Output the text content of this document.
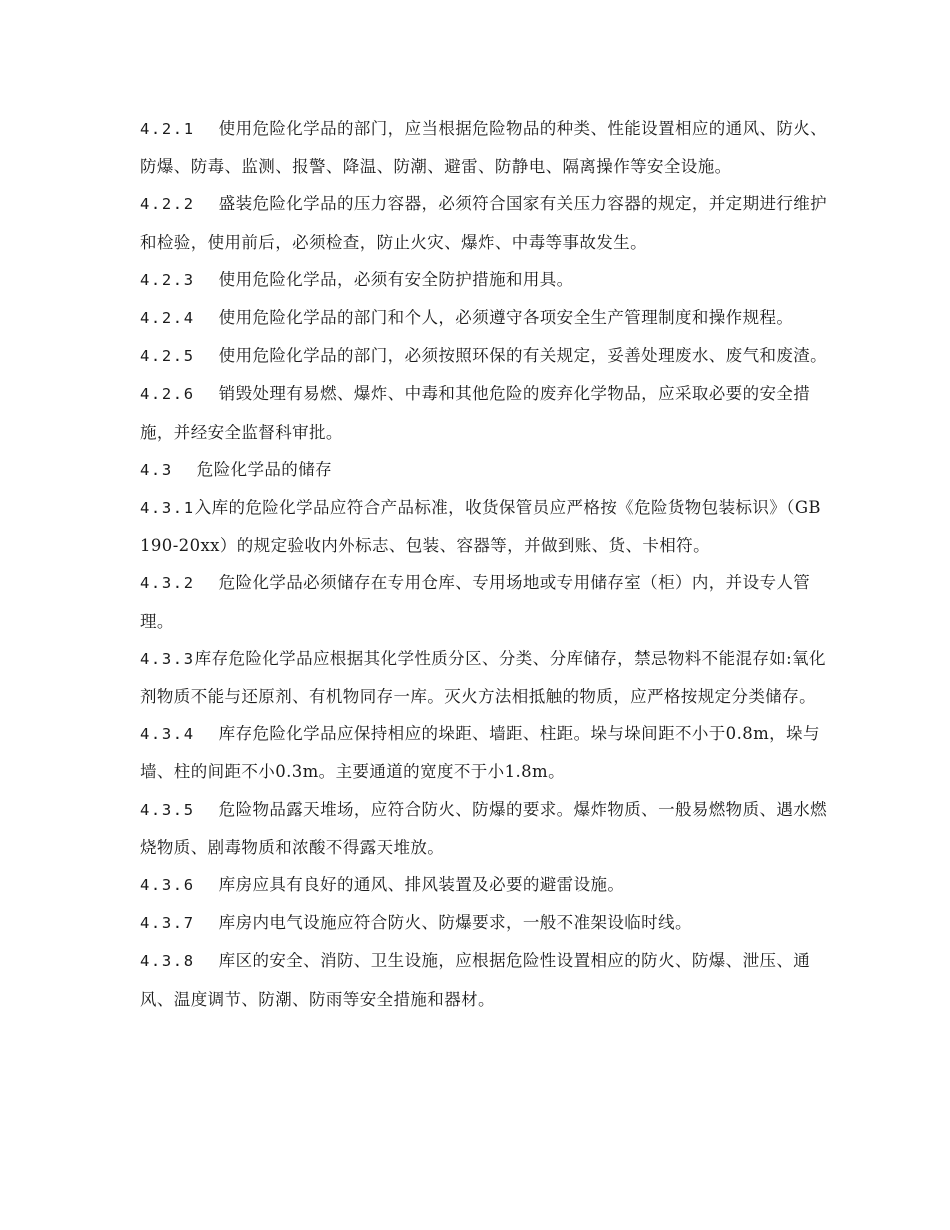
4.2.1 使用危险化学品的部门，应当根据危险物品的种类、性能设置相应的通风、防火、防爆、防毒、监测、报警、降温、防潮、避雷、防静电、隔离操作等安全设施。

4.2.2 盛装危险化学品的压力容器，必须符合国家有关压力容器的规定，并定期进行维护和检验，使用前后，必须检查，防止火灾、爆炸、中毒等事故发生。

4.2.3 使用危险化学品，必须有安全防护措施和用具。

4.2.4 使用危险化学品的部门和个人，必须遵守各项安全生产管理制度和操作规程。

4.2.5 使用危险化学品的部门，必须按照环保的有关规定，妥善处理废水、废气和废渣。

4.2.6 销毁处理有易燃、爆炸、中毒和其他危险的废弃化学物品，应采取必要的安全措施，并经安全监督科审批。

4.3 危险化学品的储存

4.3.1入库的危险化学品应符合产品标准，收货保管员应严格按《危险货物包装标识》（GB190-20xx）的规定验收内外标志、包装、容器等，并做到账、货、卡相符。

4.3.2 危险化学品必须储存在专用仓库、专用场地或专用储存室（柜）内，并设专人管理。

4.3.3库存危险化学品应根据其化学性质分区、分类、分库储存，禁忌物料不能混存如:氧化剂物质不能与还原剂、有机物同存一库。灭火方法相抵触的物质，应严格按规定分类储存。

4.3.4 库存危险化学品应保持相应的垛距、墙距、柱距。垛与垛间距不小于0.8m，垛与墙、柱的间距不小0.3m。主要通道的宽度不于小1.8m。

4.3.5 危险物品露天堆场，应符合防火、防爆的要求。爆炸物质、一般易燃物质、遇水燃烧物质、剧毒物质和浓酸不得露天堆放。

4.3.6 库房应具有良好的通风、排风装置及必要的避雷设施。

4.3.7 库房内电气设施应符合防火、防爆要求，一般不准架设临时线。

4.3.8 库区的安全、消防、卫生设施，应根据危险性设置相应的防火、防爆、泄压、通风、温度调节、防潮、防雨等安全措施和器材。
